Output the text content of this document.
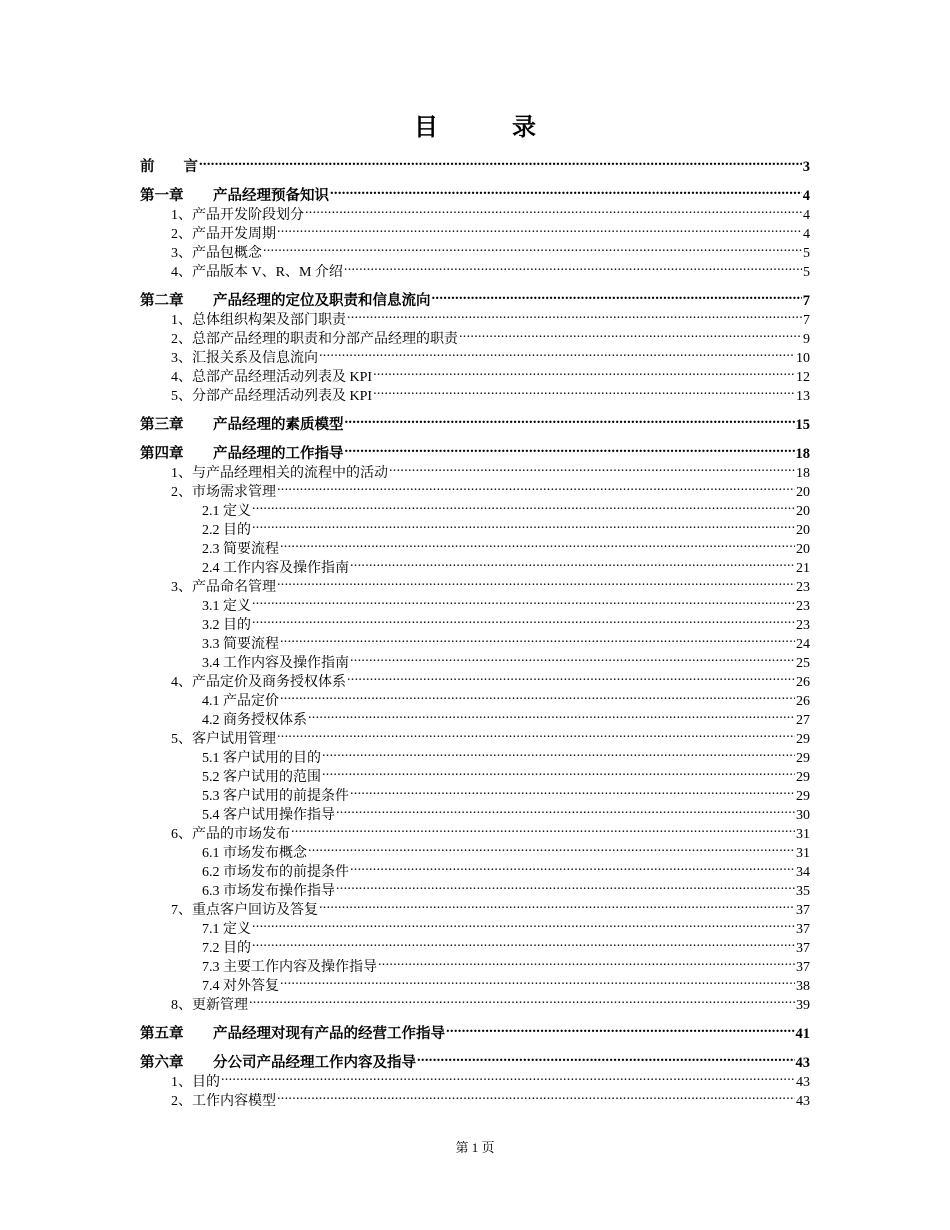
目 录
前　　言 .....	3
第一章 产品经理预备知识 .....	4
1、产品开发阶段划分 .....	4
2、产品开发周期 .....	4
3、产品包概念 .....	5
4、产品版本 V、R、M 介绍 .....	5
第二章 产品经理的定位及职责和信息流向 .....	7
1、总体组织构架及部门职责 .....	7
2、总部产品经理的职责和分部产品经理的职责 .....	9
3、汇报关系及信息流向 .....	10
4、总部产品经理活动列表及 KPI .....	12
5、分部产品经理活动列表及 KPI .....	13
第三章 产品经理的素质模型 .....	15
第四章 产品经理的工作指导 .....	18
1、与产品经理相关的流程中的活动 .....	18
2、市场需求管理 .....	20
2.1 定义 .....	20
2.2 目的 .....	20
2.3 简要流程 .....	20
2.4 工作内容及操作指南 .....	21
3、产品命名管理 .....	23
3.1 定义 .....	23
3.2 目的 .....	23
3.3 简要流程 .....	24
3.4 工作内容及操作指南 .....	25
4、产品定价及商务授权体系 .....	26
4.1 产品定价 .....	26
4.2 商务授权体系 .....	27
5、客户试用管理 .....	29
5.1 客户试用的目的 .....	29
5.2 客户试用的范围 .....	29
5.3 客户试用的前提条件 .....	29
5.4 客户试用操作指导 .....	30
6、产品的市场发布 .....	31
6.1 市场发布概念 .....	31
6.2 市场发布的前提条件 .....	34
6.3 市场发布操作指导 .....	35
7、重点客户回访及答复 .....	37
7.1 定义 .....	37
7.2 目的 .....	37
7.3 主要工作内容及操作指导 .....	37
7.4 对外答复 .....	38
8、更新管理 .....	39
第五章 产品经理对现有产品的经营工作指导 .....	41
第六章 分公司产品经理工作内容及指导 .....	43
1、目的 .....	43
2、工作内容模型 .....	43
第 1 页
